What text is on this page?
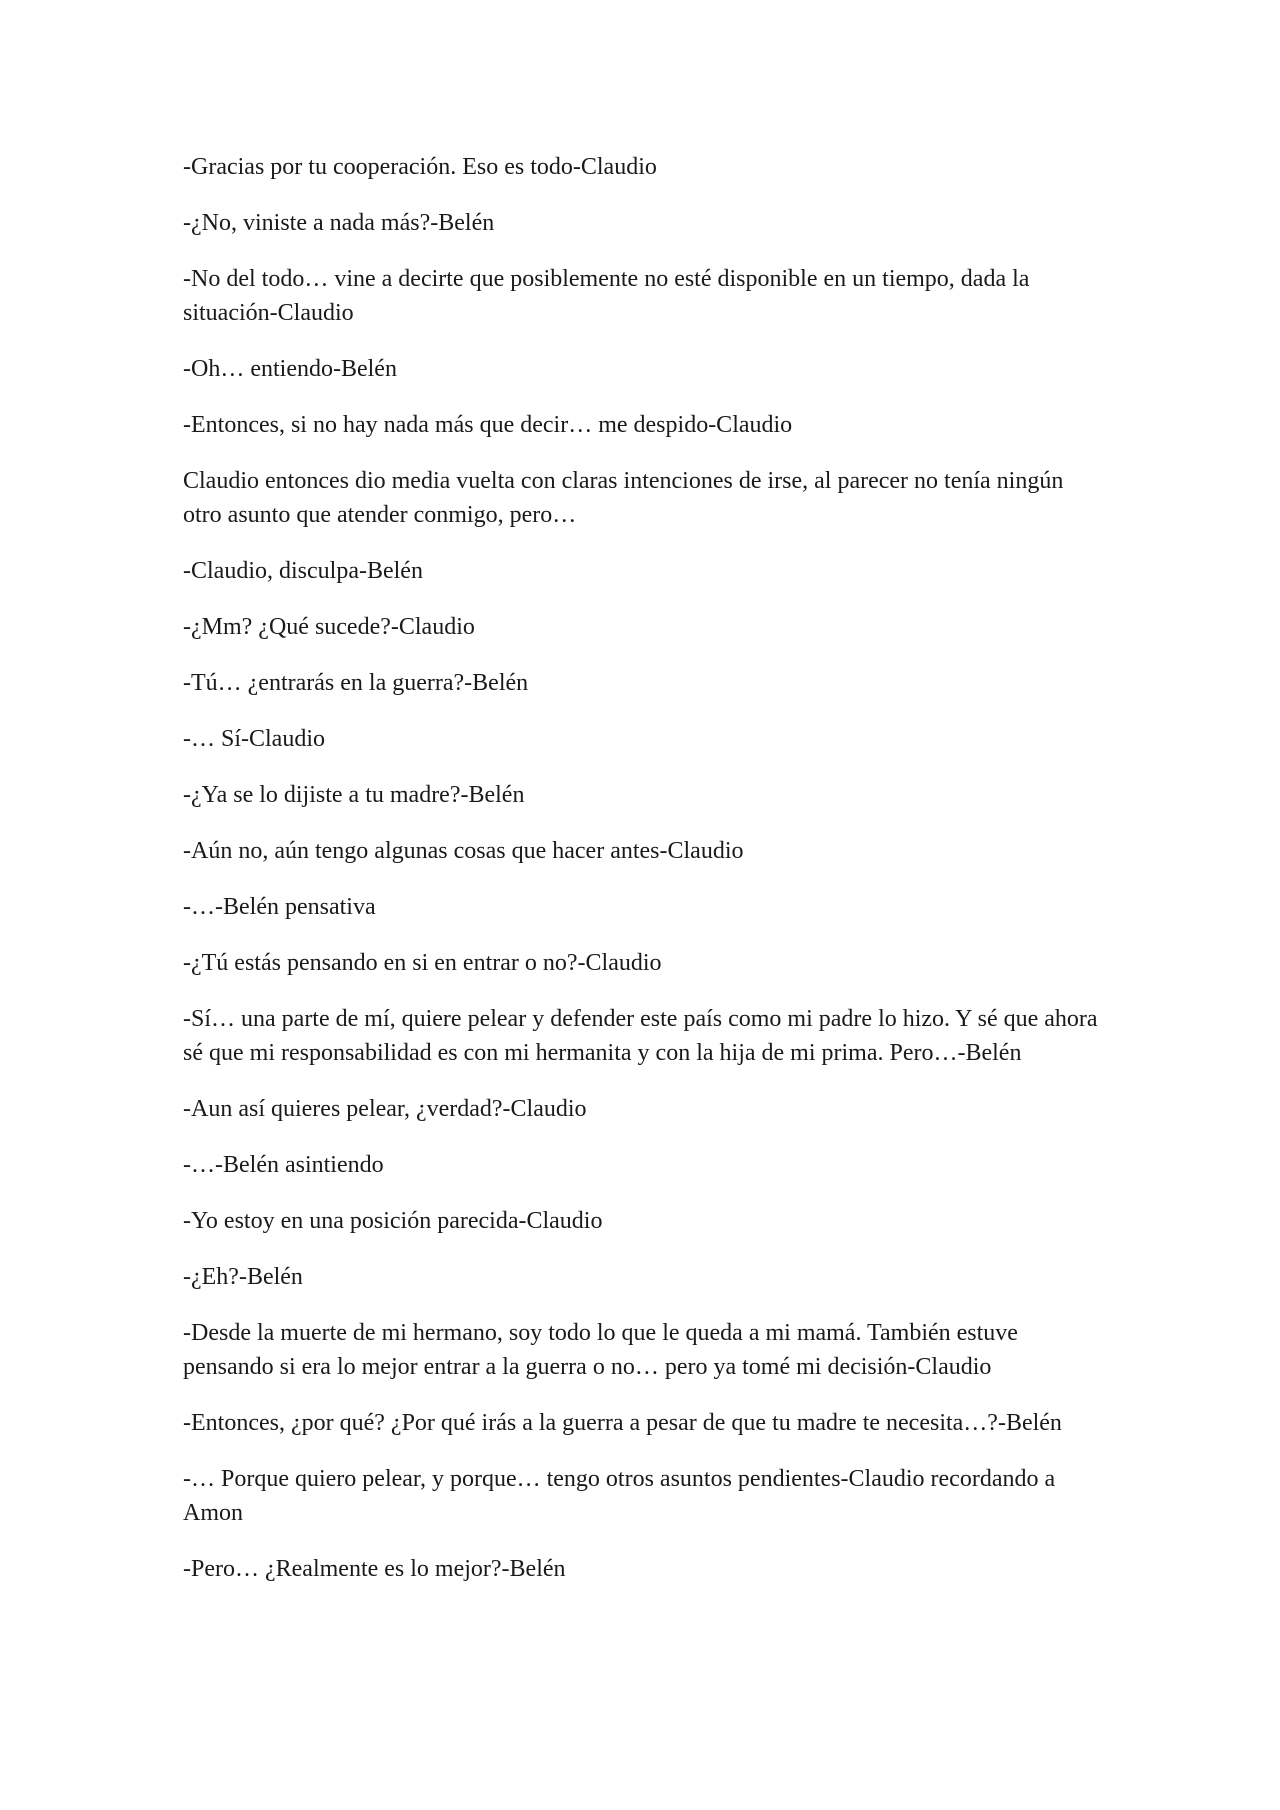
-Gracias por tu cooperación. Eso es todo-Claudio

-¿No, viniste a nada más?-Belén

-No del todo… vine a decirte que posiblemente no esté disponible en un tiempo, dada la situación-Claudio

-Oh… entiendo-Belén

-Entonces, si no hay nada más que decir… me despido-Claudio

Claudio entonces dio media vuelta con claras intenciones de irse, al parecer no tenía ningún otro asunto que atender conmigo, pero…

-Claudio, disculpa-Belén

-¿Mm? ¿Qué sucede?-Claudio

-Tú… ¿entrarás en la guerra?-Belén

-… Sí-Claudio

-¿Ya se lo dijiste a tu madre?-Belén

-Aún no, aún tengo algunas cosas que hacer antes-Claudio

-…-Belén pensativa

-¿Tú estás pensando en si en entrar o no?-Claudio

-Sí… una parte de mí, quiere pelear y defender este país como mi padre lo hizo. Y sé que ahora sé que mi responsabilidad es con mi hermanita y con la hija de mi prima. Pero…-Belén

-Aun así quieres pelear, ¿verdad?-Claudio

-…-Belén asintiendo

-Yo estoy en una posición parecida-Claudio

-¿Eh?-Belén

-Desde la muerte de mi hermano, soy todo lo que le queda a mi mamá. También estuve pensando si era lo mejor entrar a la guerra o no… pero ya tomé mi decisión-Claudio

-Entonces, ¿por qué? ¿Por qué irás a la guerra a pesar de que tu madre te necesita…?-Belén

-… Porque quiero pelear, y porque… tengo otros asuntos pendientes-Claudio recordando a Amon

-Pero… ¿Realmente es lo mejor?-Belén
